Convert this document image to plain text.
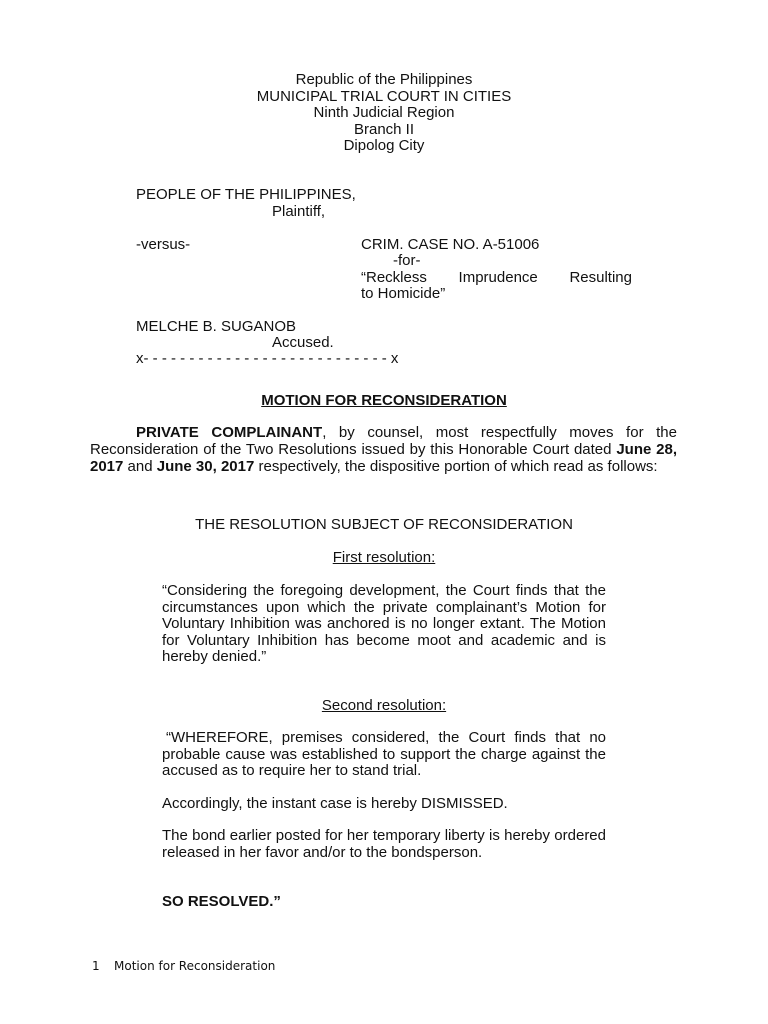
Republic of the Philippines
MUNICIPAL TRIAL COURT IN CITIES
Ninth Judicial Region
Branch II
Dipolog City
PEOPLE OF THE PHILIPPINES,
Plaintiff,
-versus-	CRIM. CASE NO. A-51006
-for-
“Reckless Imprudence Resulting
to Homicide”
MELCHE B. SUGANOB
Accused.
x- - - - - - - - - - - - - - - - - - - - - - - - - - - x
MOTION FOR RECONSIDERATION
PRIVATE COMPLAINANT, by counsel, most respectfully moves for the Reconsideration of the Two Resolutions issued by this Honorable Court dated June 28, 2017 and June 30, 2017 respectively, the dispositive portion of which read as follows:
THE RESOLUTION SUBJECT OF RECONSIDERATION
First resolution:
“Considering the foregoing development, the Court finds that the circumstances upon which the private complainant’s Motion for Voluntary Inhibition was anchored is no longer extant. The Motion for Voluntary Inhibition has become moot and academic and is hereby denied.”
Second resolution:
“WHEREFORE, premises considered, the Court finds that no probable cause was established to support the charge against the accused as to require her to stand trial.
Accordingly, the instant case is hereby DISMISSED.
The bond earlier posted for her temporary liberty is hereby ordered released in her favor and/or to the bondsperson.
SO RESOLVED.”
1 Motion for Reconsideration
